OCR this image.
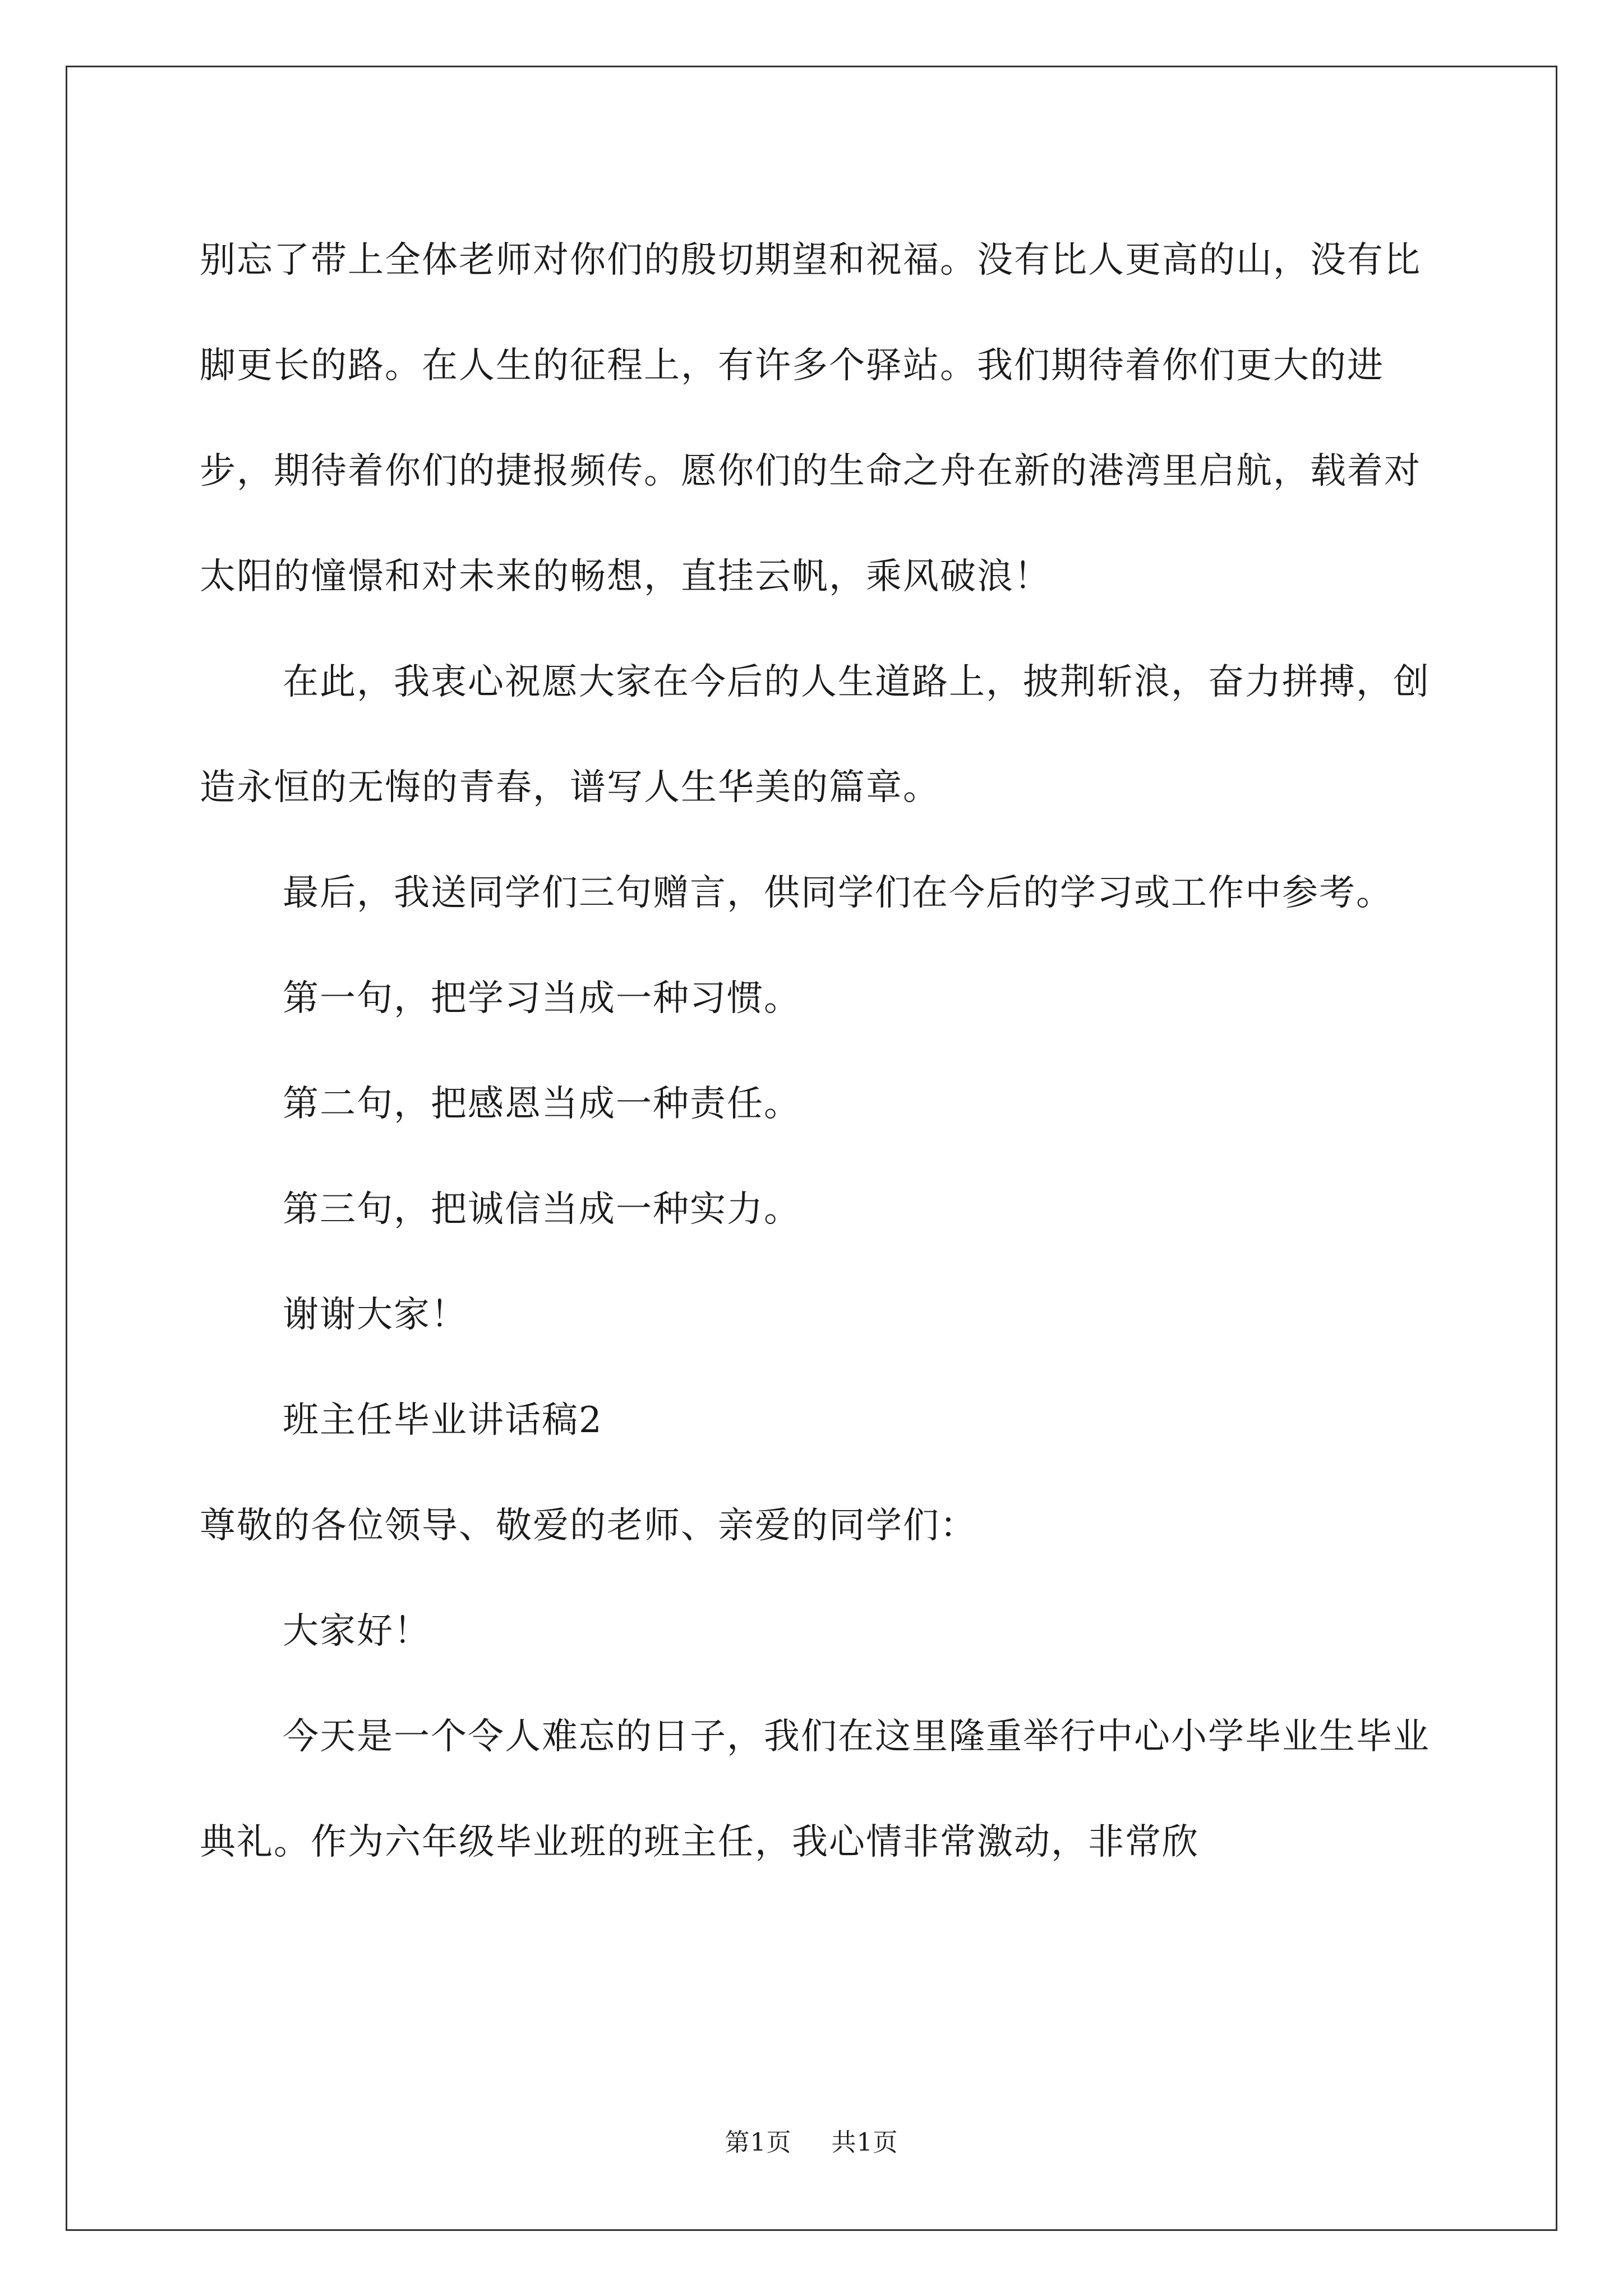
别忘了带上全体老师对你们的殷切期望和祝福。没有比人更高的山，没有比脚更长的路。在人生的征程上，有许多个驿站。我们期待着你们更大的进步，期待着你们的捷报频传。愿你们的生命之舟在新的港湾里启航，载着对太阳的憧憬和对未来的畅想，直挂云帆，乘风破浪！

在此，我衷心祝愿大家在今后的人生道路上，披荆斩浪，奋力拼搏，创造永恒的无悔的青春，谱写人生华美的篇章。

最后，我送同学们三句赠言，供同学们在今后的学习或工作中参考。

第一句，把学习当成一种习惯。

第二句，把感恩当成一种责任。

第三句，把诚信当成一种实力。

谢谢大家！

班主任毕业讲话稿2

尊敬的各位领导、敬爱的老师、亲爱的同学们：

大家好！

今天是一个令人难忘的日子，我们在这里隆重举行中心小学毕业生毕业典礼。作为六年级毕业班的班主任，我心情非常激动，非常欣

第1页 共1页
